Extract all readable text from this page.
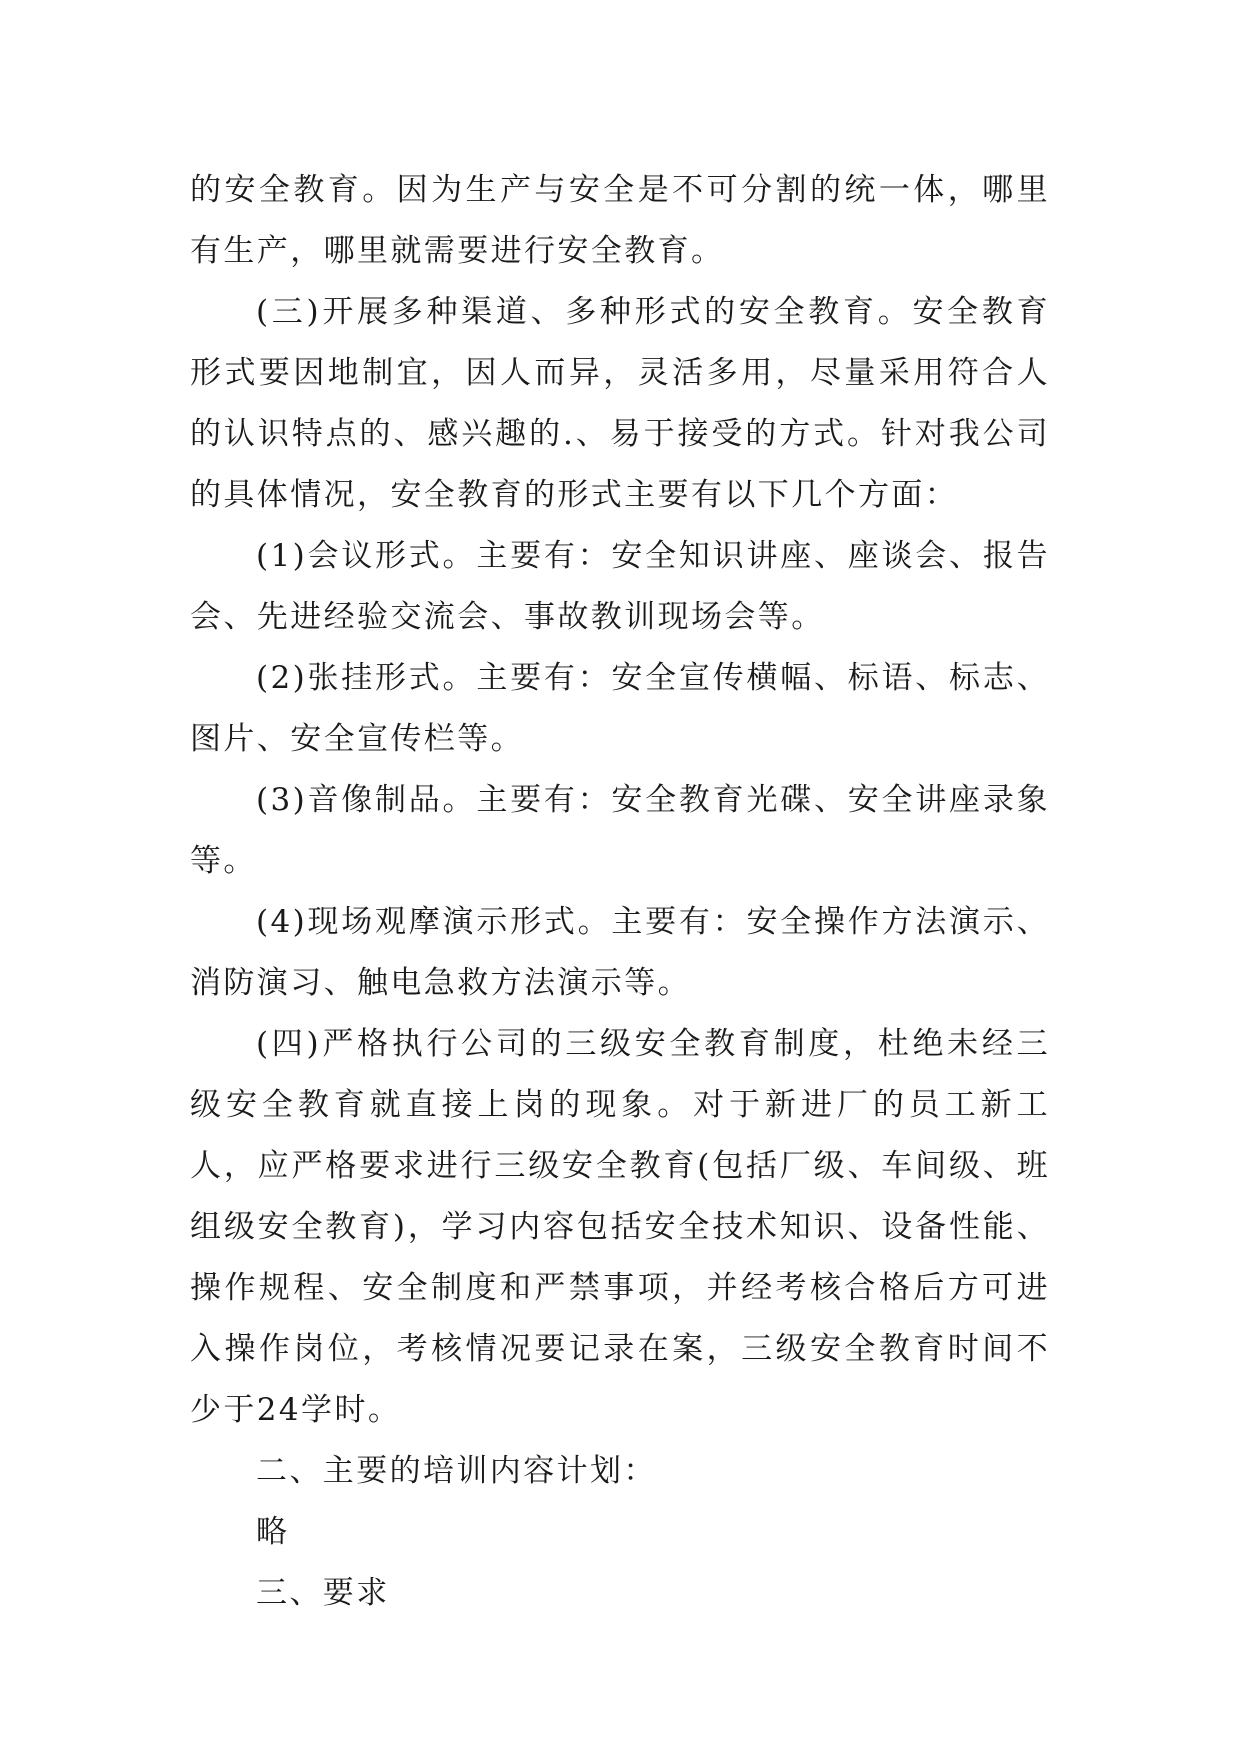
的安全教育。因为生产与安全是不可分割的统一体，哪里有生产，哪里就需要进行安全教育。

(三)开展多种渠道、多种形式的安全教育。安全教育形式要因地制宜，因人而异，灵活多用，尽量采用符合人的认识特点的、感兴趣的.、易于接受的方式。针对我公司的具体情况，安全教育的形式主要有以下几个方面：

(1)会议形式。主要有：安全知识讲座、座谈会、报告会、先进经验交流会、事故教训现场会等。

(2)张挂形式。主要有：安全宣传横幅、标语、标志、图片、安全宣传栏等。

(3)音像制品。主要有：安全教育光碟、安全讲座录象等。

(4)现场观摩演示形式。主要有：安全操作方法演示、消防演习、触电急救方法演示等。

(四)严格执行公司的三级安全教育制度，杜绝未经三级安全教育就直接上岗的现象。对于新进厂的员工新工人，应严格要求进行三级安全教育(包括厂级、车间级、班组级安全教育)，学习内容包括安全技术知识、设备性能、操作规程、安全制度和严禁事项，并经考核合格后方可进入操作岗位，考核情况要记录在案，三级安全教育时间不少于24学时。

二、主要的培训内容计划：

略

三、要求
